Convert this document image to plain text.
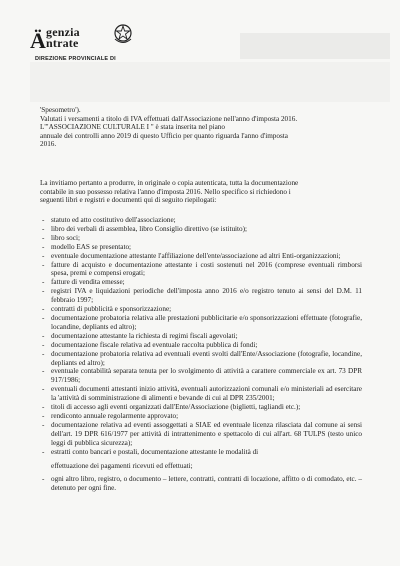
Ä genzia
ntrate
DIREZIONE PROVINCIALE DI
'Spesometro').
Valutati i versamenti a titolo di IVA effettuati dall'Associazione nell'anno d'imposta 2016.
L'"ASSOCIAZIONE CULTURALE I " è stata inserita nel piano
annuale dei controlli anno 2019 di questo Ufficio per quanto riguarda l'anno d'imposta
2016.
La invitiamo pertanto a produrre, in originale o copia autenticata, tutta la documentazione
contabile in suo possesso relativa l'anno d'imposta 2016. Nello specifico si richiedono i
seguenti libri e registri e documenti qui di seguito riepilogati:
- statuto ed atto costitutivo dell'associazione;
- libro dei verbali di assemblea, libro Consiglio direttivo (se istituito);
- libro soci;
- modello EAS se presentato;
- eventuale documentazione attestante l'affiliazione dell'ente/associazione ad altri Enti-organizzazioni;
- fatture di acquisto e documentazione attestante i costi sostenuti nel 2016 (comprese eventuali rimborsi spesa, premi e compensi erogati;
- fatture di vendita emesse;
- registri IVA e liquidazioni periodiche dell'imposta anno 2016 e/o registro tenuto ai sensi del D.M. 11 febbraio 1997;
- contratti di pubblicità e sponsorizzazione;
- documentazione probatoria relativa alle prestazioni pubblicitarie e/o sponsorizzazioni effettuate (fotografie, locandine, depliants ed altro);
- documentazione attestante la richiesta di regimi fiscali agevolati;
- documentazione fiscale relativa ad eventuale raccolta pubblica di fondi;
- documentazione probatoria relativa ad eventuali eventi svolti dall'Ente/Associazione (fotografie, locandine, depliants ed altro);
- eventuale contabilità separata tenuta per lo svolgimento di attività a carattere commerciale ex art. 73 DPR 917/1986;
- eventuali documenti attestanti inizio attività, eventuali autorizzazioni comunali e/o ministeriali ad esercitare la 'attività di somministrazione di alimenti e bevande di cui al DPR 235/2001;
- titoli di accesso agli eventi organizzati dall'Ente/Associazione (biglietti, tagliandi etc.);
- rendiconto annuale regolarmente approvato;
- documentazione relativa ad eventi assoggettati a SIAE ed eventuale licenza rilasciata dal comune ai sensi dell'art. 19 DPR 616/1977 per attività di intrattenimento e spettacolo di cui all'art. 68 TULPS (testo unico leggi di pubblica sicurezza);
- estratti conto bancari e postali, documentazione attestante le modalità di
effettuazione dei pagamenti ricevuti ed effettuati;
- ogni altro libro, registro, o documento – lettere, contratti, contratti di locazione, affitto o di comodato, etc. – detenuto per ogni fine.
